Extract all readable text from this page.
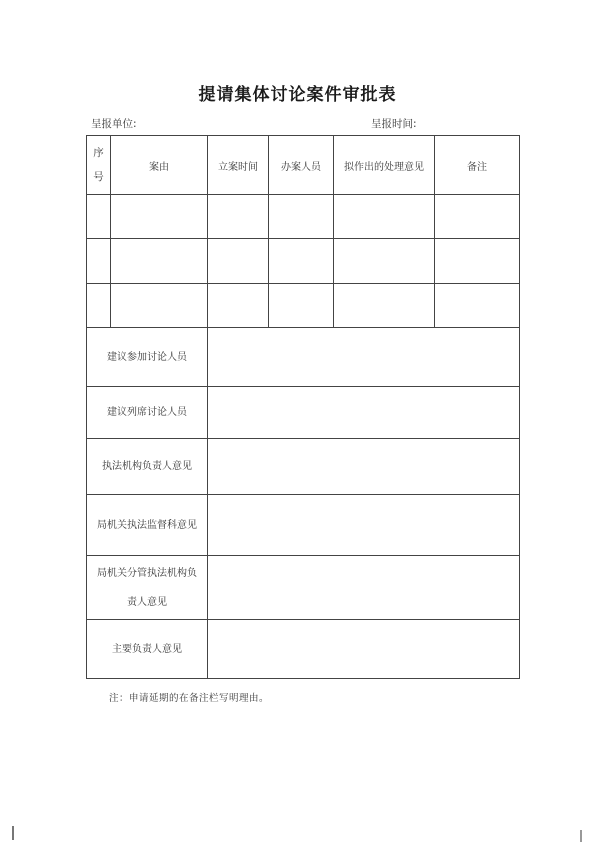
提请集体讨论案件审批表
呈报单位:	呈报时间:
序
号	案由	立案时间	办案人员	拟作出的处理意见	备注

建议参加讨论人员					
建议列席讨论人员					
执法机构负责人意见					
局机关执法监督科意见					

局机关分管执法机构负
责人意见					

主要负责人意见					
注：申请延期的在备注栏写明理由。
